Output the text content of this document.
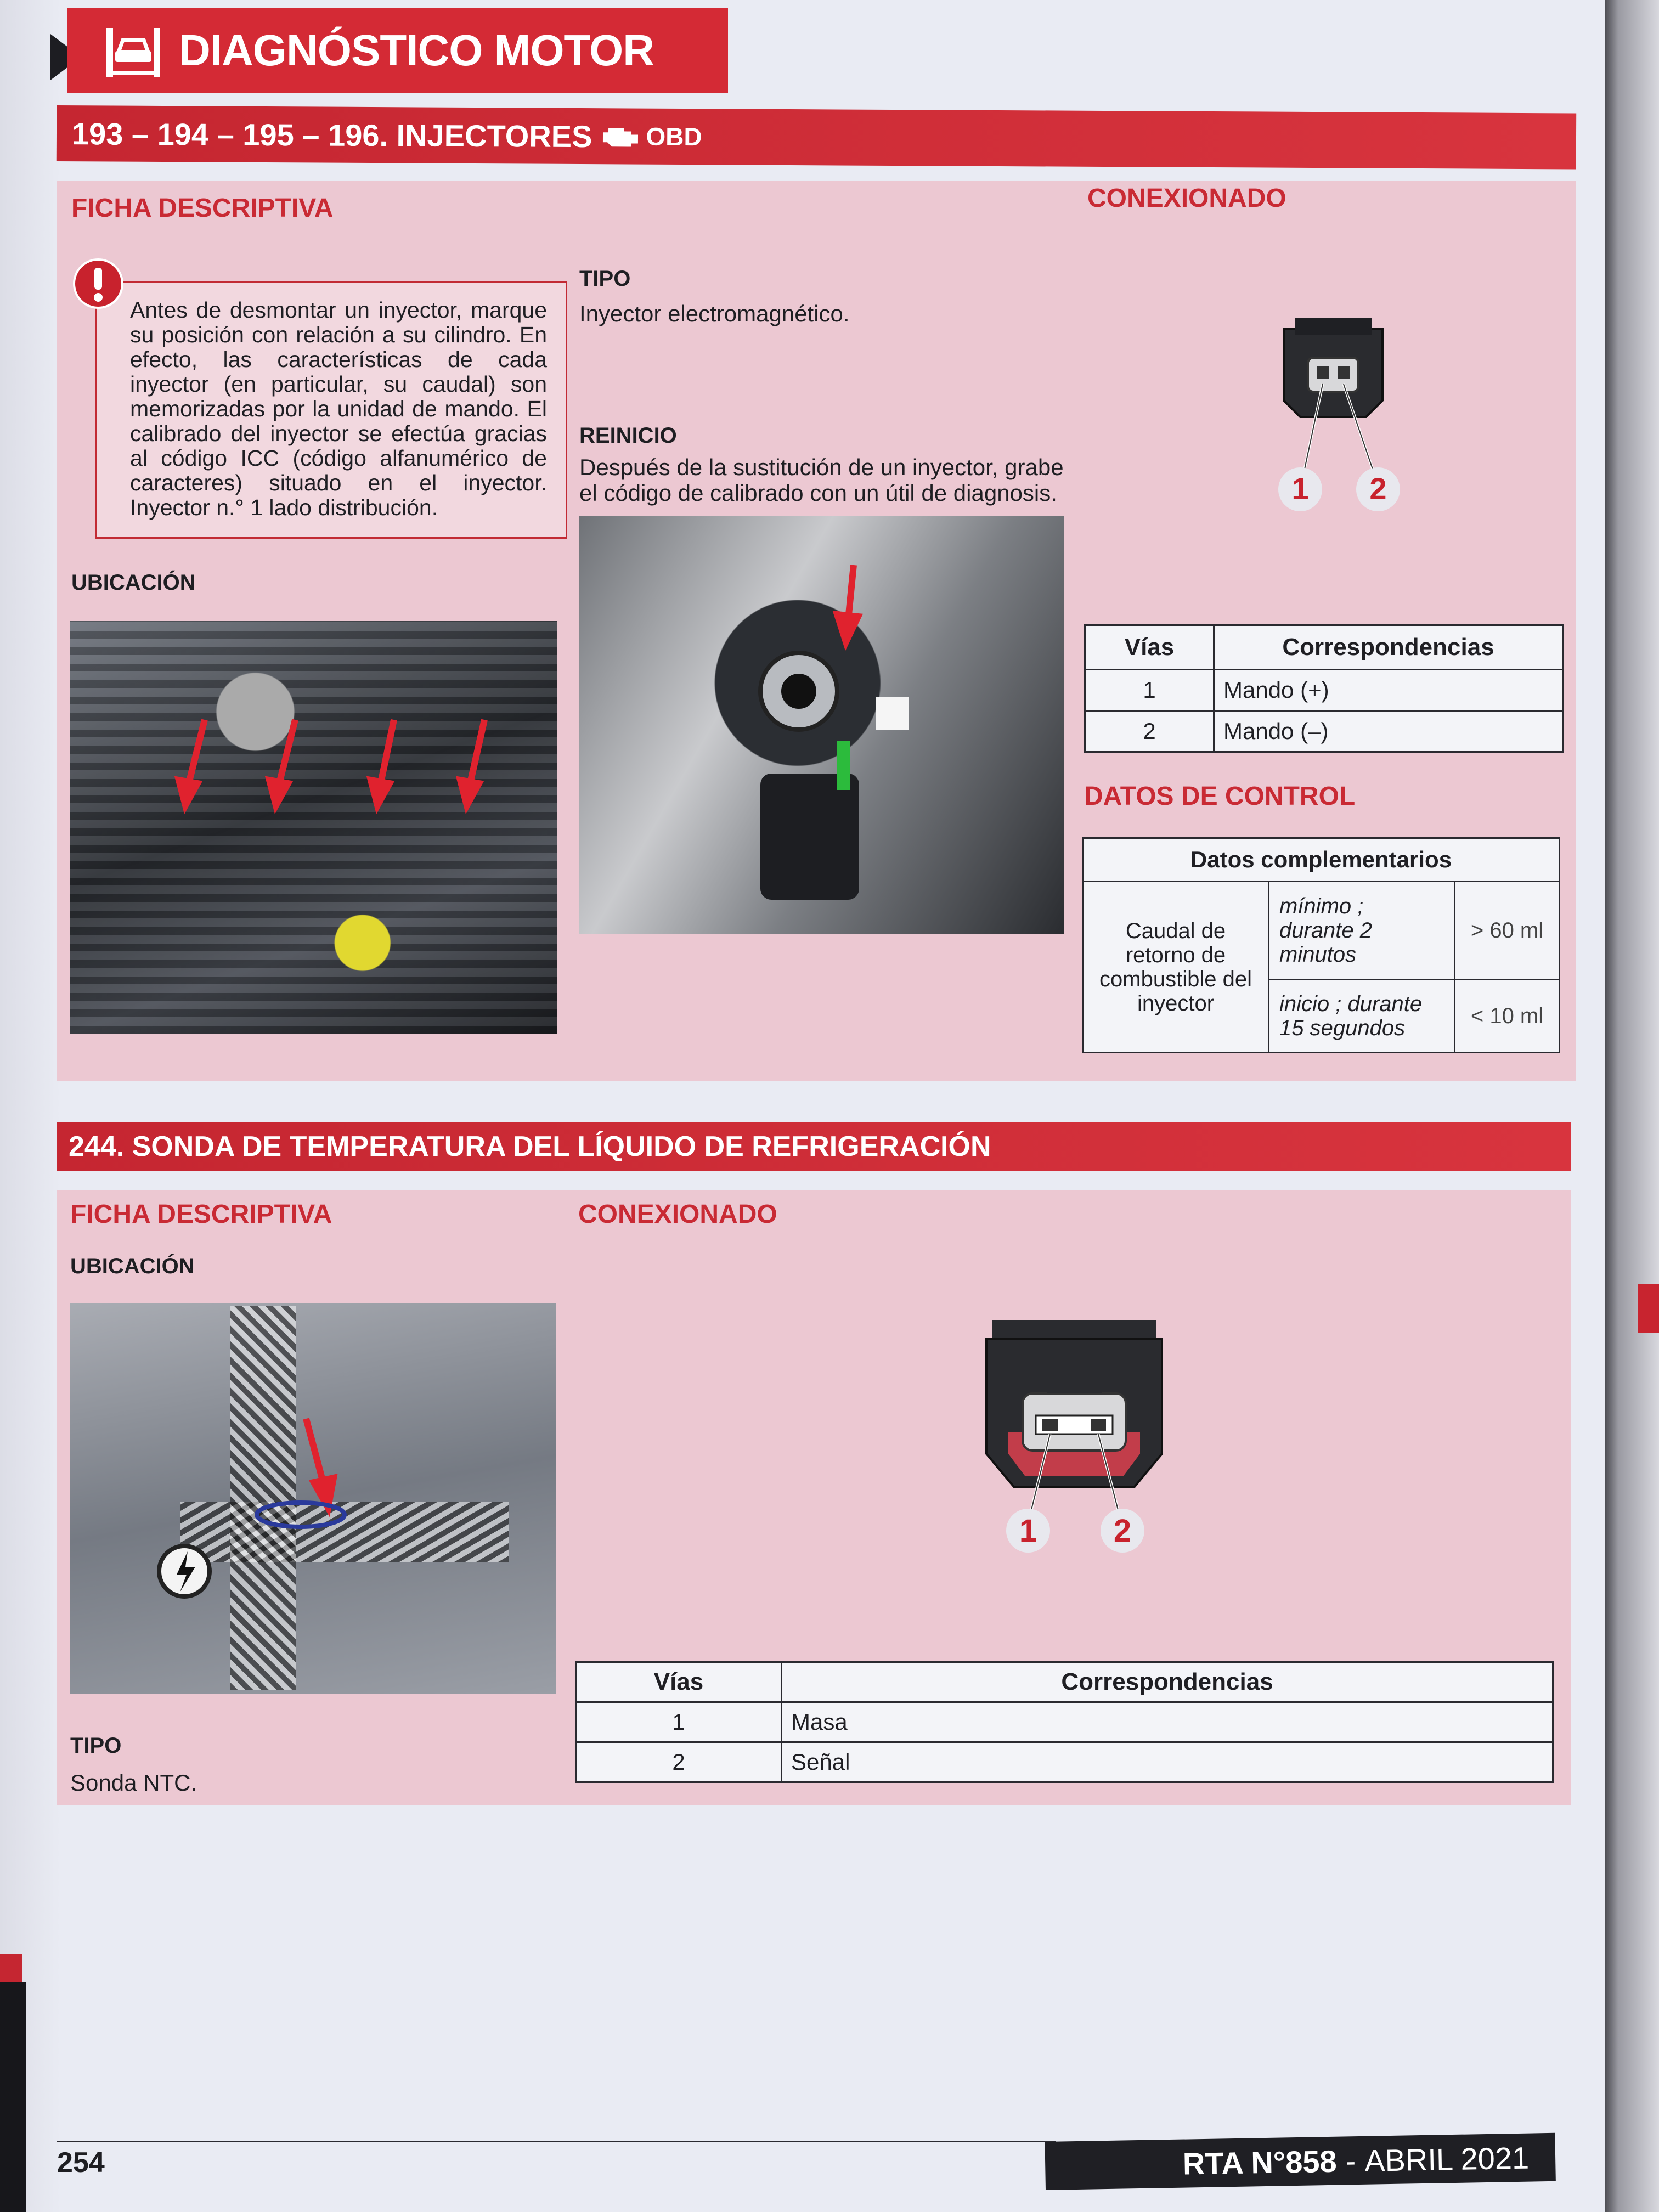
DIAGNÓSTICO MOTOR
193 – 194 – 195 – 196. INJECTORES OBD
FICHA DESCRIPTIVA	CONEXIONADO
Antes de desmontar un inyector, marque su posición con relación a su cilindro. En efecto, las características de cada inyector (en particular, su caudal) son memorizadas por la unidad de mando. El calibrado del inyector se efectúa gracias al código ICC (código alfanumérico de caracteres) situado en el inyector. Inyector n.° 1 lado distribución.
TIPO
Inyector electromagnético.
REINICIO
Después de la sustitución de un inyector, grabe el código de calibrado con un útil de diagnosis.
UBICACIÓN
1 2
Vías	Correspondencias
1	Mando (+)
2	Mando (–)
DATOS DE CONTROL
Datos complementarios		
Caudal de retorno de combustible del inyector	mínimo ; durante 2 minutos	> 60 ml
	inicio ; durante 15 segundos	< 10 ml
244. SONDA DE TEMPERATURA DEL LÍQUIDO DE REFRIGERACIÓN
FICHA DESCRIPTIVA	CONEXIONADO
UBICACIÓN
1 2
TIPO
Sonda NTC.
Vías	Correspondencias
1	Masa
2	Señal
254	RTA N°858 - ABRIL 2021
